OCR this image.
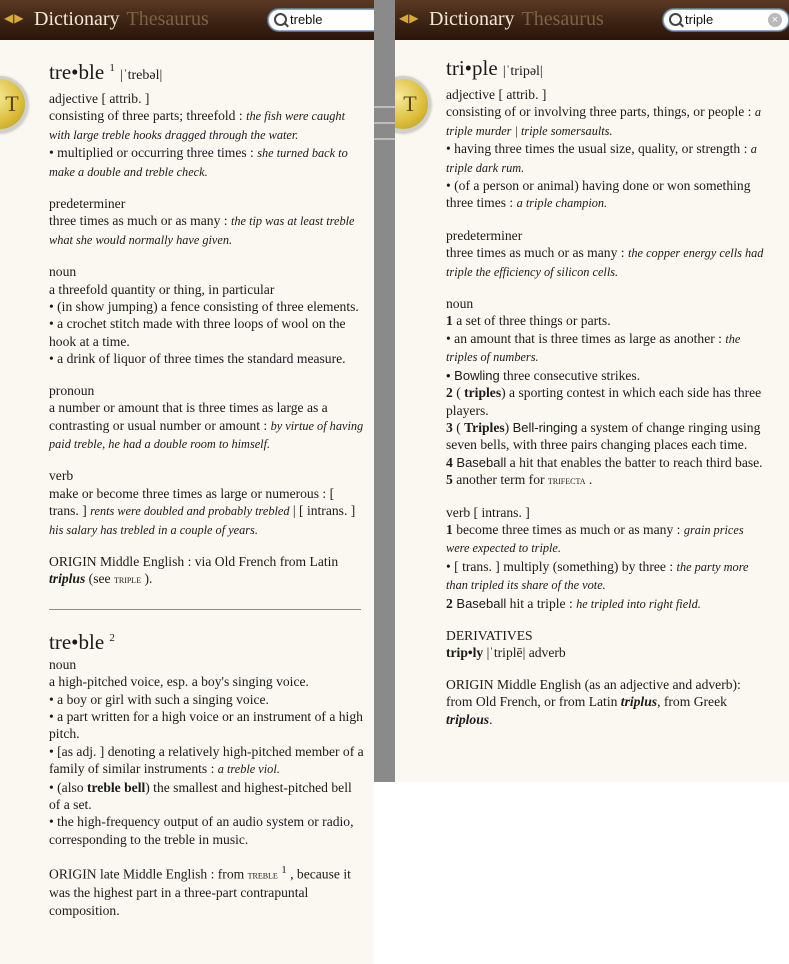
◀▶ Dictionary Thesaurus	treble
T

tre•ble $^1$ |ˈtrebəl|

adjective [ attrib. ]

consisting of three parts; threefold : the fish were caught with large treble hooks dragged through the water.

• multiplied or occurring three times : she turned back to make a double and treble check.

predeterminer

three times as much or as many : the tip was at least treble what she would normally have given.

noun

a threefold quantity or thing, in particular

• (in show jumping) a fence consisting of three elements.

• a crochet stitch made with three loops of wool on the hook at a time.

• a drink of liquor of three times the standard measure.

pronoun

a number or amount that is three times as large as a contrasting or usual number or amount : by virtue of having paid treble, he had a double room to himself.

verb

make or become three times as large or numerous : [ trans. ] rents were doubled and probably trebled | [ intrans. ] his salary has trebled in a couple of years.

ORIGIN Middle English : via Old French from Latin triplus (see triple ).

tre•ble $^2$

noun

a high-pitched voice, esp. a boy's singing voice.

• a boy or girl with such a singing voice.

• a part written for a high voice or an instrument of a high pitch.

• [as adj. ] denoting a relatively high-pitched member of a family of similar instruments : a treble viol.

• (also treble bell) the smallest and highest-pitched bell of a set.

• the high-frequency output of an audio system or radio, corresponding to the treble in music.

ORIGIN late Middle English : from treble $^1$ , because it was the highest part in a three-part contrapuntal composition.

◀▶ Dictionary Thesaurus	triple	×
T

tri•ple |ˈtripəl|

adjective [ attrib. ]

consisting of or involving three parts, things, or people : a triple murder | triple somersaults.

• having three times the usual size, quality, or strength : a triple dark rum.

• (of a person or animal) having done or won something three times : a triple champion.

predeterminer

three times as much or as many : the copper energy cells had triple the efficiency of silicon cells.

noun

1 a set of three things or parts.

• an amount that is three times as large as another : the triples of numbers.

• Bowling three consecutive strikes.

2 ( triples) a sporting contest in which each side has three players.

3 ( Triples) Bell-ringing a system of change ringing using seven bells, with three pairs changing places each time.

4 Baseball a hit that enables the batter to reach third base.

5 another term for trifecta .

verb [ intrans. ]

1 become three times as much or as many : grain prices were expected to triple.

• [ trans. ] multiply (something) by three : the party more than tripled its share of the vote.

2 Baseball hit a triple : he tripled into right field.

DERIVATIVES

trip•ly |ˈtriplē| adverb

ORIGIN Middle English (as an adjective and adverb): from Old French, or from Latin triplus, from Greek triplous.
